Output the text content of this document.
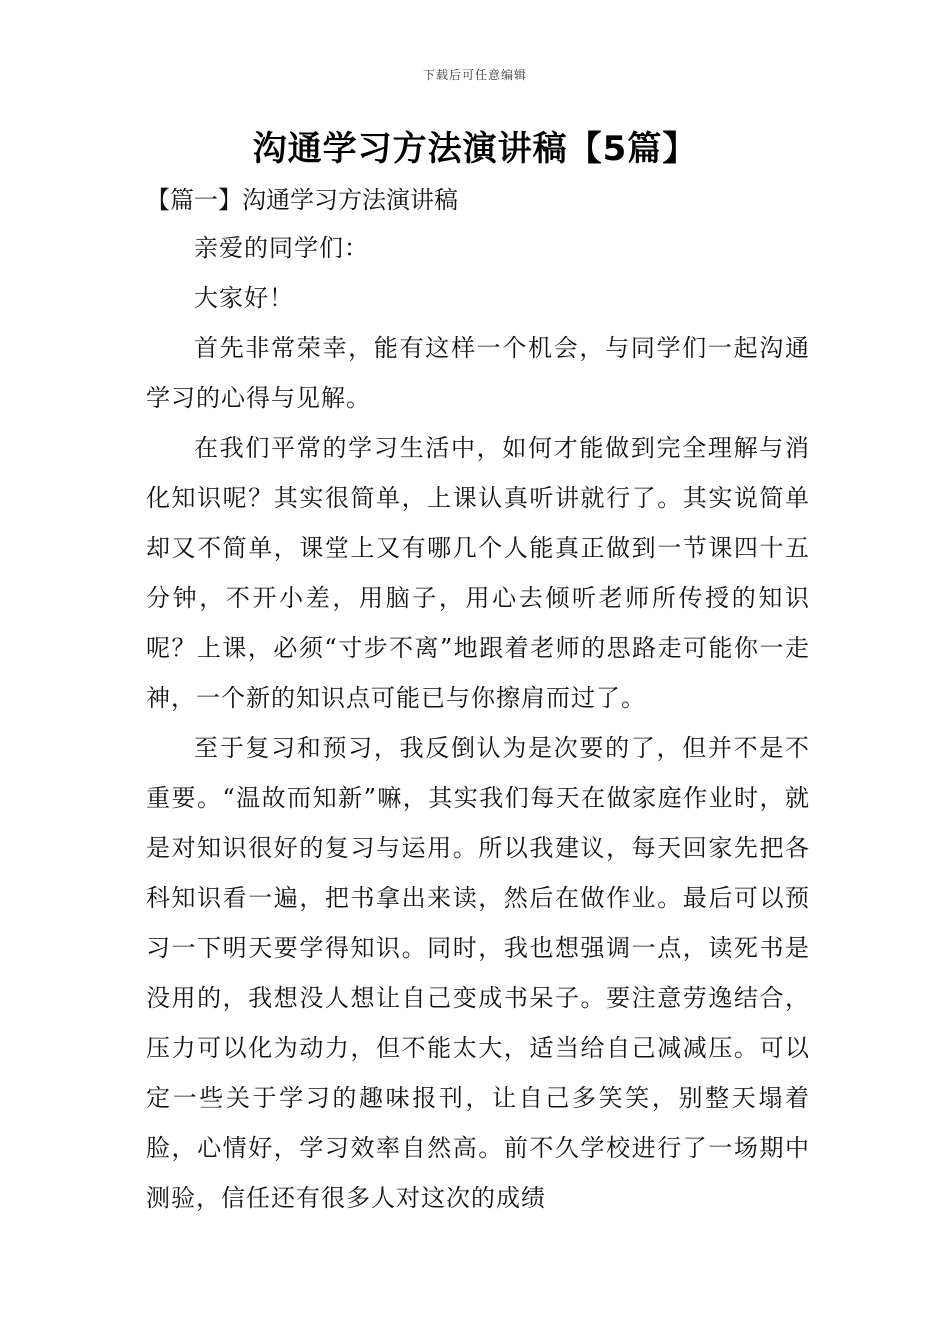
下载后可任意编辑
沟通学习方法演讲稿【5篇】
【篇一】沟通学习方法演讲稿

亲爱的同学们：

大家好！

首先非常荣幸，能有这样一个机会，与同学们一起沟通学习的心得与见解。

在我们平常的学习生活中，如何才能做到完全理解与消化知识呢？其实很简单，上课认真听讲就行了。其实说简单却又不简单，课堂上又有哪几个人能真正做到一节课四十五分钟，不开小差，用脑子，用心去倾听老师所传授的知识呢？上课，必须“寸步不离”地跟着老师的思路走可能你一走神，一个新的知识点可能已与你擦肩而过了。

至于复习和预习，我反倒认为是次要的了，但并不是不重要。“温故而知新”嘛，其实我们每天在做家庭作业时，就是对知识很好的复习与运用。所以我建议，每天回家先把各科知识看一遍，把书拿出来读，然后在做作业。最后可以预习一下明天要学得知识。同时，我也想强调一点，读死书是没用的，我想没人想让自己变成书呆子。要注意劳逸结合，压力可以化为动力，但不能太大，适当给自己减减压。可以定一些关于学习的趣味报刊，让自己多笑笑，别整天塌着脸，心情好，学习效率自然高。前不久学校进行了一场期中测验，信任还有很多人对这次的成绩
